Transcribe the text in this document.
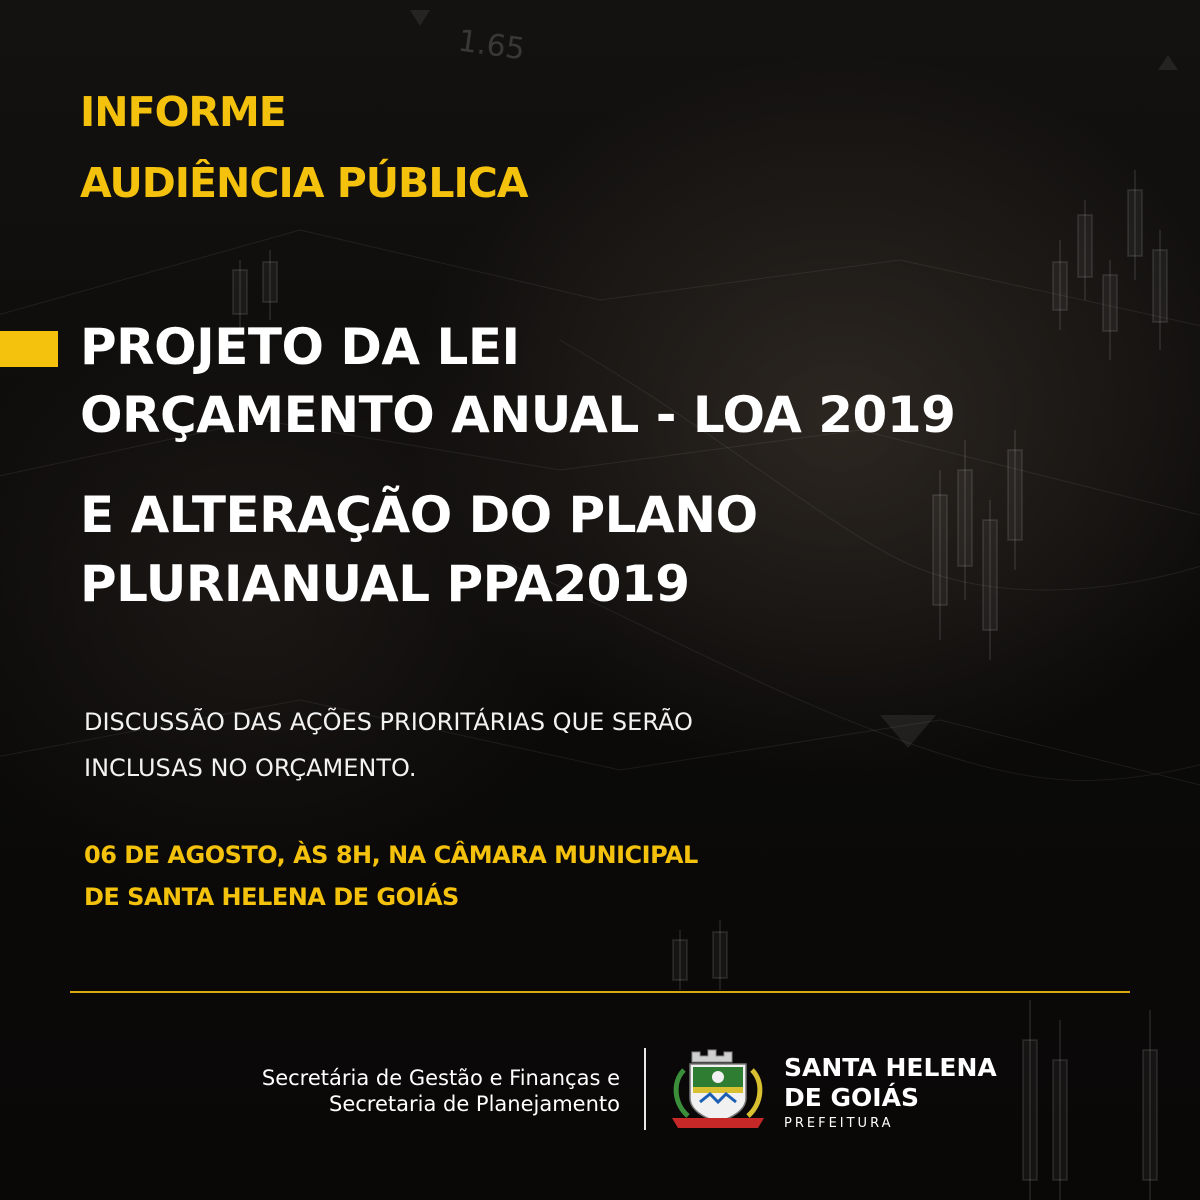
1.65
INFORME
AUDIÊNCIA PÚBLICA
PROJETO DA LEI
ORÇAMENTO ANUAL - LOA 2019
E ALTERAÇÃO DO PLANO
PLURIANUAL PPA2019
DISCUSSÃO DAS AÇÕES PRIORITÁRIAS QUE SERÃO
INCLUSAS NO ORÇAMENTO.
06 DE AGOSTO, ÀS 8H, NA CÂMARA MUNICIPAL
DE SANTA HELENA DE GOIÁS
Secretária de Gestão e Finanças e
Secretaria de Planejamento
SANTA HELENA
DE GOIÁS
PREFEITURA
